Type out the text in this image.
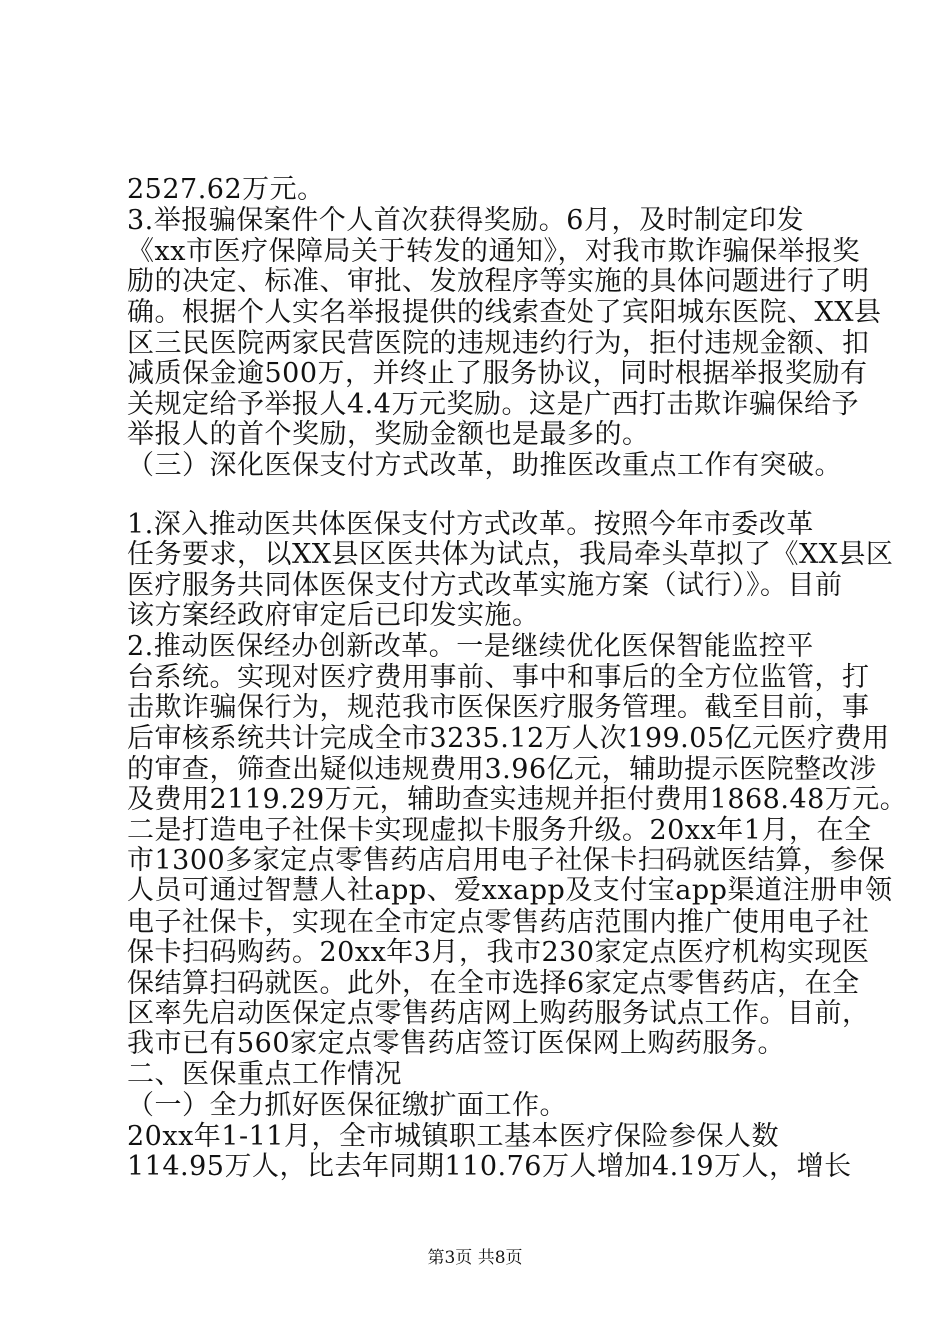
2527.62万元。
3.举报骗保案件个人首次获得奖励。6月，及时制定印发
《xx市医疗保障局关于转发的通知》，对我市欺诈骗保举报奖
励的决定、标准、审批、发放程序等实施的具体问题进行了明
确。根据个人实名举报提供的线索查处了宾阳城东医院、XX县
区三民医院两家民营医院的违规违约行为，拒付违规金额、扣
减质保金逾500万，并终止了服务协议，同时根据举报奖励有
关规定给予举报人4.4万元奖励。这是广西打击欺诈骗保给予
举报人的首个奖励，奖励金额也是最多的。
（三）深化医保支付方式改革，助推医改重点工作有突破。
1.深入推动医共体医保支付方式改革。按照今年市委改革
任务要求，以XX县区医共体为试点，我局牵头草拟了《XX县区
医疗服务共同体医保支付方式改革实施方案（试行）》。目前
该方案经政府审定后已印发实施。
2.推动医保经办创新改革。一是继续优化医保智能监控平
台系统。实现对医疗费用事前、事中和事后的全方位监管，打
击欺诈骗保行为，规范我市医保医疗服务管理。截至目前，事
后审核系统共计完成全市3235.12万人次199.05亿元医疗费用
的审查，筛查出疑似违规费用3.96亿元，辅助提示医院整改涉
及费用2119.29万元，辅助查实违规并拒付费用1868.48万元。
二是打造电子社保卡实现虚拟卡服务升级。20xx年1月，在全
市1300多家定点零售药店启用电子社保卡扫码就医结算，参保
人员可通过智慧人社app、爱xxapp及支付宝app渠道注册申领
电子社保卡，实现在全市定点零售药店范围内推广使用电子社
保卡扫码购药。20xx年3月，我市230家定点医疗机构实现医
保结算扫码就医。此外，在全市选择6家定点零售药店，在全
区率先启动医保定点零售药店网上购药服务试点工作。目前，
我市已有560家定点零售药店签订医保网上购药服务。
二、医保重点工作情况
（一）全力抓好医保征缴扩面工作。
20xx年1-11月，全市城镇职工基本医疗保险参保人数
114.95万人，比去年同期110.76万人增加4.19万人，增长
第3页 共8页
